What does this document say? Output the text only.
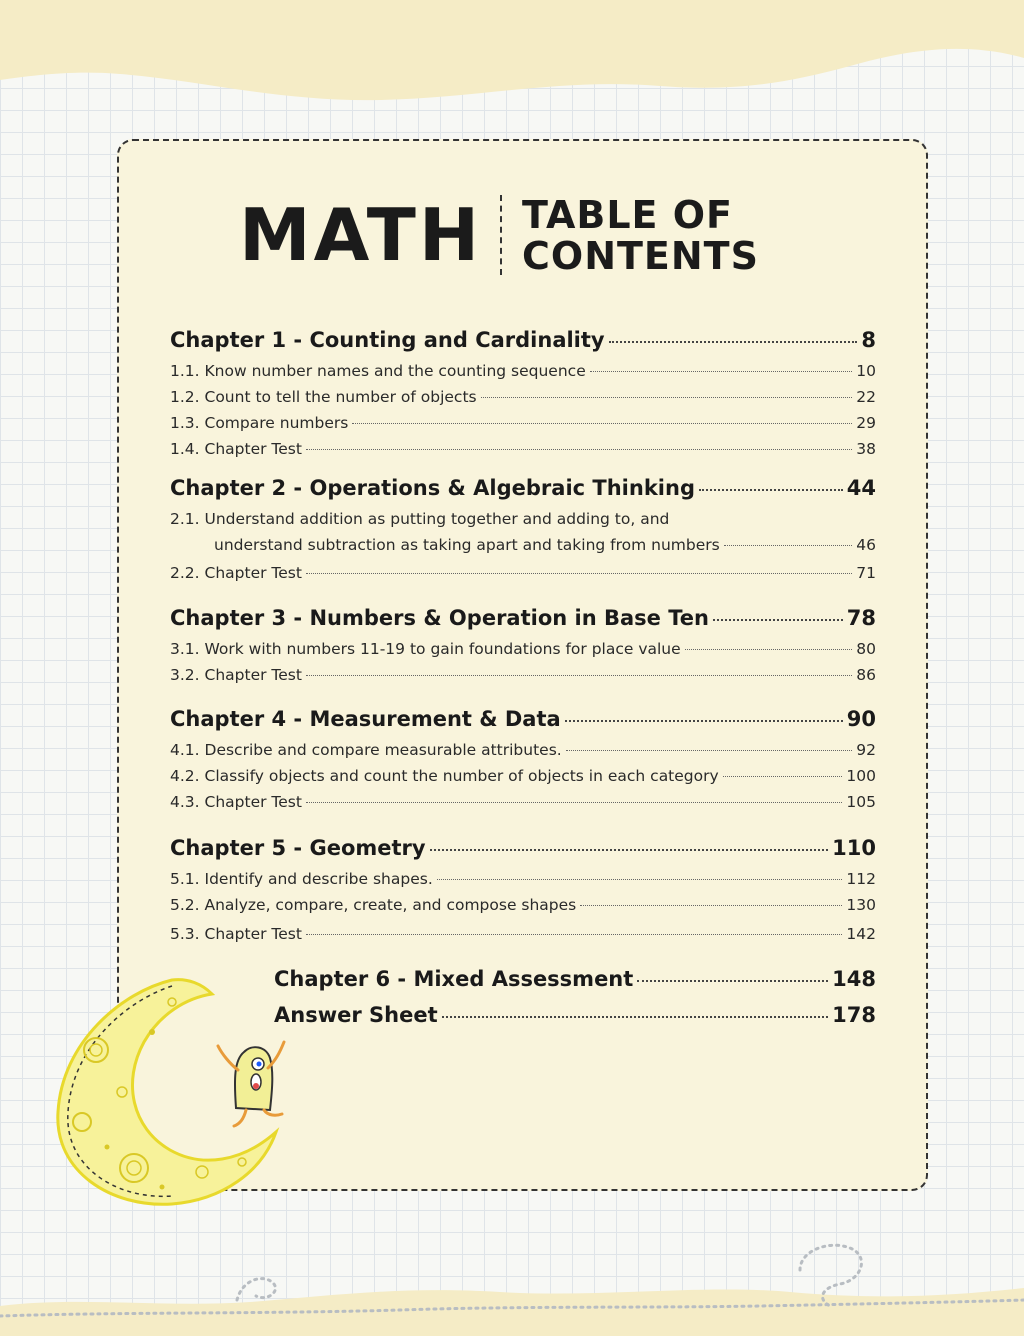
MATH TABLE OF
CONTENTS
Chapter 1 - Counting and Cardinality	8
1.1. Know number names and the counting sequence	10
1.2. Count to tell the number of objects	22
1.3. Compare numbers	29
1.4. Chapter Test	38
Chapter 2 - Operations & Algebraic Thinking	44
2.1. Understand addition as putting together and adding to, and
understand subtraction as taking apart and taking from numbers	46
2.2. Chapter Test	71
Chapter 3 - Numbers & Operation in Base Ten	78
3.1. Work with numbers 11-19 to gain foundations for place value	80
3.2. Chapter Test	86
Chapter 4 - Measurement & Data	90
4.1. Describe and compare measurable attributes.	92
4.2. Classify objects and count the number of objects in each category	100
4.3. Chapter Test	105
Chapter 5 - Geometry	110
5.1. Identify and describe shapes.	112
5.2. Analyze, compare, create, and compose shapes	130
5.3. Chapter Test	142
Chapter 6 - Mixed Assessment	148
Answer Sheet	178
